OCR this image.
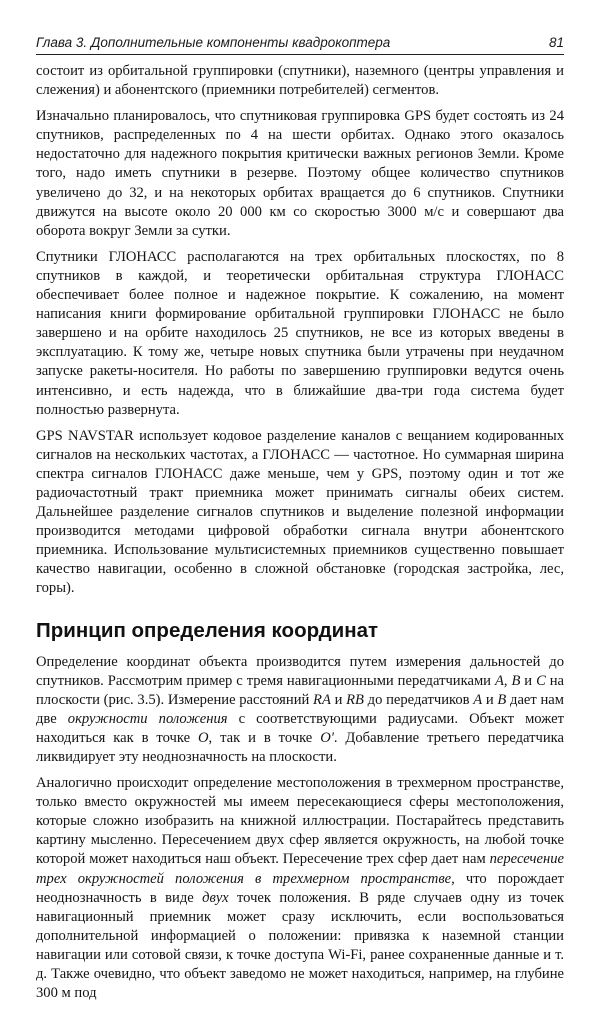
Глава 3. Дополнительные компоненты квадрокоптера	81

состоит из орбитальной группировки (спутники), наземного (центры управления и слежения) и абонентского (приемники потребителей) сегментов.

Изначально планировалось, что спутниковая группировка GPS будет состоять из 24 спутников, распределенных по 4 на шести орбитах. Однако этого оказалось недостаточно для надежного покрытия критически важных регионов Земли. Кроме того, надо иметь спутники в резерве. Поэтому общее количество спутников увеличено до 32, и на некоторых орбитах вращается до 6 спутников. Спутники движутся на высоте около 20 000 км со скоростью 3000 м/с и совершают два оборота вокруг Земли за сутки.

Спутники ГЛОНАСС располагаются на трех орбитальных плоскостях, по 8 спутников в каждой, и теоретически орбитальная структура ГЛОНАСС обеспечивает более полное и надежное покрытие. К сожалению, на момент написания книги формирование орбитальной группировки ГЛОНАСС не было завершено и на орбите находилось 25 спутников, не все из которых введены в эксплуатацию. К тому же, четыре новых спутника были утрачены при неудачном запуске ракеты-носителя. Но работы по завершению группировки ведутся очень интенсивно, и есть надежда, что в ближайшие два-три года система будет полностью развернута.

GPS NAVSTAR использует кодовое разделение каналов с вещанием кодированных сигналов на нескольких частотах, а ГЛОНАСС — частотное. Но суммарная ширина спектра сигналов ГЛОНАСС даже меньше, чем у GPS, поэтому один и тот же радиочастотный тракт приемника может принимать сигналы обеих систем. Дальнейшее разделение сигналов спутников и выделение полезной информации производится методами цифровой обработки сигнала внутри абонентского приемника. Использование мультисистемных приемников существенно повышает качество навигации, особенно в сложной обстановке (городская застройка, лес, горы).

Принцип определения координат

Определение координат объекта производится путем измерения дальностей до спутников. Рассмотрим пример с тремя навигационными передатчиками A, B и C на плоскости (рис. 3.5). Измерение расстояний RA и RB до передатчиков A и B дает нам две окружности положения с соответствующими радиусами. Объект может находиться как в точке O, так и в точке O'. Добавление третьего передатчика ликвидирует эту неоднозначность на плоскости.

Аналогично происходит определение местоположения в трехмерном пространстве, только вместо окружностей мы имеем пересекающиеся сферы местоположения, которые сложно изобразить на книжной иллюстрации. Постарайтесь представить картину мысленно. Пересечением двух сфер является окружность, на любой точке которой может находиться наш объект. Пересечение трех сфер дает нам пересечение трех окружностей положения в трехмерном пространстве, что порождает неоднозначность в виде двух точек положения. В ряде случаев одну из точек навигационный приемник может сразу исключить, если воспользоваться дополнительной информацией о положении: привязка к наземной станции навигации или сотовой связи, к точке доступа Wi-Fi, ранее сохраненные данные и т. д. Также очевидно, что объект заведомо не может находиться, например, на глубине 300 м под
